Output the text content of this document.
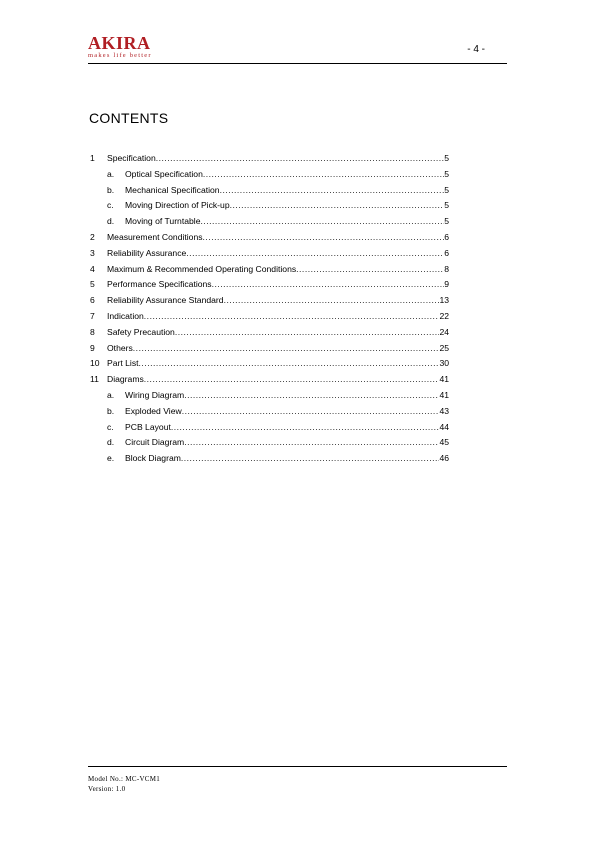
AKIRA
makes life better
- 4 -
CONTENTS
1	Specification .....	5
a.	Optical Specification .....	5
b.	Mechanical Specification .....	5
c.	Moving Direction of Pick-up .....	5
d.	Moving of Turntable .....	5
2	Measurement Conditions .....	6
3	Reliability Assurance .....	6
4	Maximum & Recommended Operating Conditions .....	8
5	Performance Specifications .....	9
6	Reliability Assurance Standard .....	13
7	Indication .....	22
8	Safety Precaution .....	24
9	Others .....	25
10 Part List .....	30
11 Diagrams .....	41
a.	Wiring Diagram .....	41
b.	Exploded View .....	43
c.	PCB Layout .....	44
d.	Circuit Diagram .....	45
e.	Block Diagram .....	46
Model No.: MC-VCM1
Version: 1.0
